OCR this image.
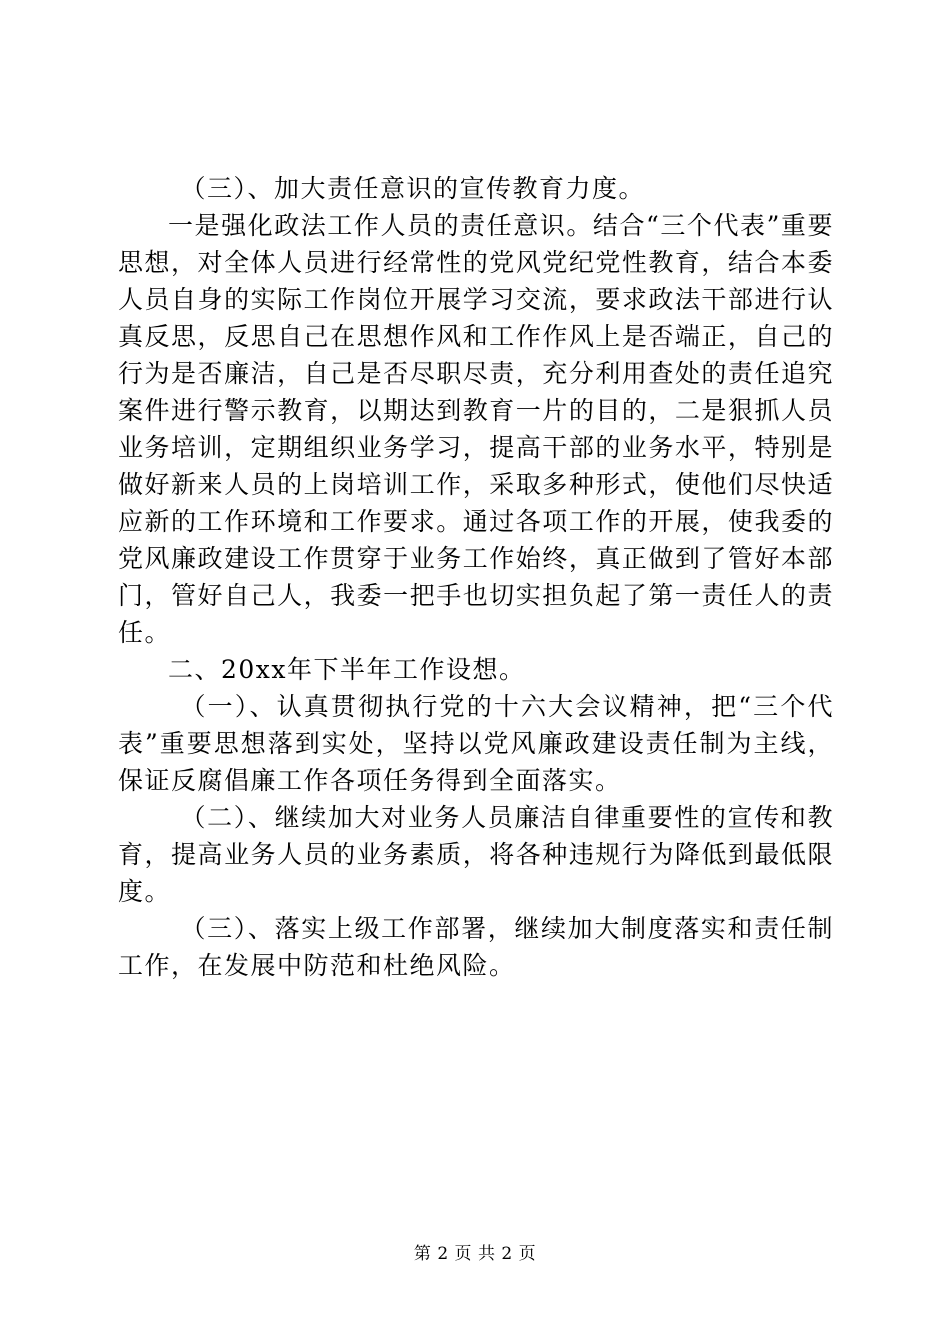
（三）、加大责任意识的宣传教育力度。

一是强化政法工作人员的责任意识。结合“三个代表”重要思想，对全体人员进行经常性的党风党纪党性教育，结合本委人员自身的实际工作岗位开展学习交流，要求政法干部进行认真反思，反思自己在思想作风和工作作风上是否端正，自己的行为是否廉洁，自己是否尽职尽责，充分利用查处的责任追究案件进行警示教育，以期达到教育一片的目的，二是狠抓人员业务培训，定期组织业务学习，提高干部的业务水平，特别是做好新来人员的上岗培训工作，采取多种形式，使他们尽快适应新的工作环境和工作要求。通过各项工作的开展，使我委的党风廉政建设工作贯穿于业务工作始终，真正做到了管好本部门，管好自己人，我委一把手也切实担负起了第一责任人的责任。

二、20xx年下半年工作设想。

（一）、认真贯彻执行党的十六大会议精神，把“三个代表”重要思想落到实处，坚持以党风廉政建设责任制为主线，保证反腐倡廉工作各项任务得到全面落实。

（二）、继续加大对业务人员廉洁自律重要性的宣传和教育，提高业务人员的业务素质，将各种违规行为降低到最低限度。

（三）、落实上级工作部署，继续加大制度落实和责任制工作，在发展中防范和杜绝风险。

第 2 页 共 2 页
